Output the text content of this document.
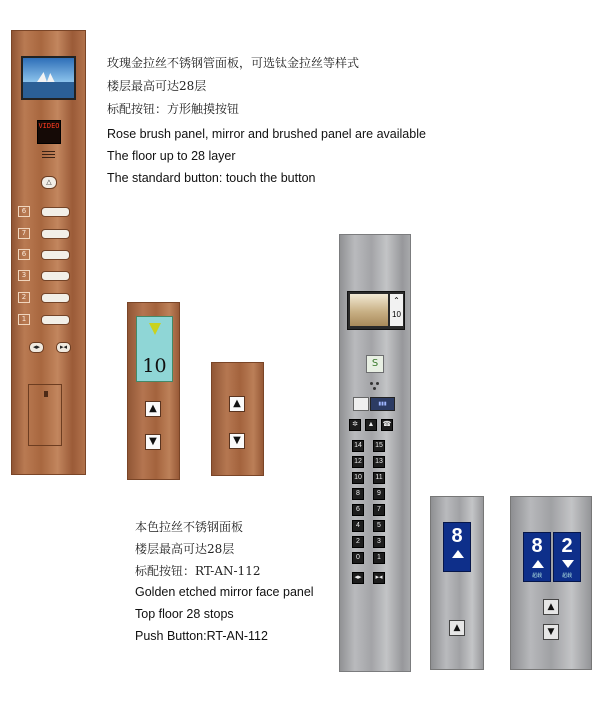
玫瑰金拉丝不锈钢管面板，可选钛金拉丝等样式
楼层最高可达28层
标配按钮：方形触摸按钮
Rose brush panel, mirror and brushed panel are available
The floor up to 28 layer
The standard button: touch the button
VIDEO
△
6
7
6
3
2
1
◂▸	▸◂
10
▲
▼
▲
▼
本色拉丝不锈钢面板
楼层最高可达28层
标配按钮：RT-AN-112
Golden etched mirror face panel
Top floor 28 stops
Push Button:RT-AN-112
⌃
10
S
▮▮▮
✲	▲	☎
14	15
12	13
10	11
8	9
6	7
4	5
2	3
0	1
◂▸	▸◂
8
▲
8
超载
2
超载
▲
▼
